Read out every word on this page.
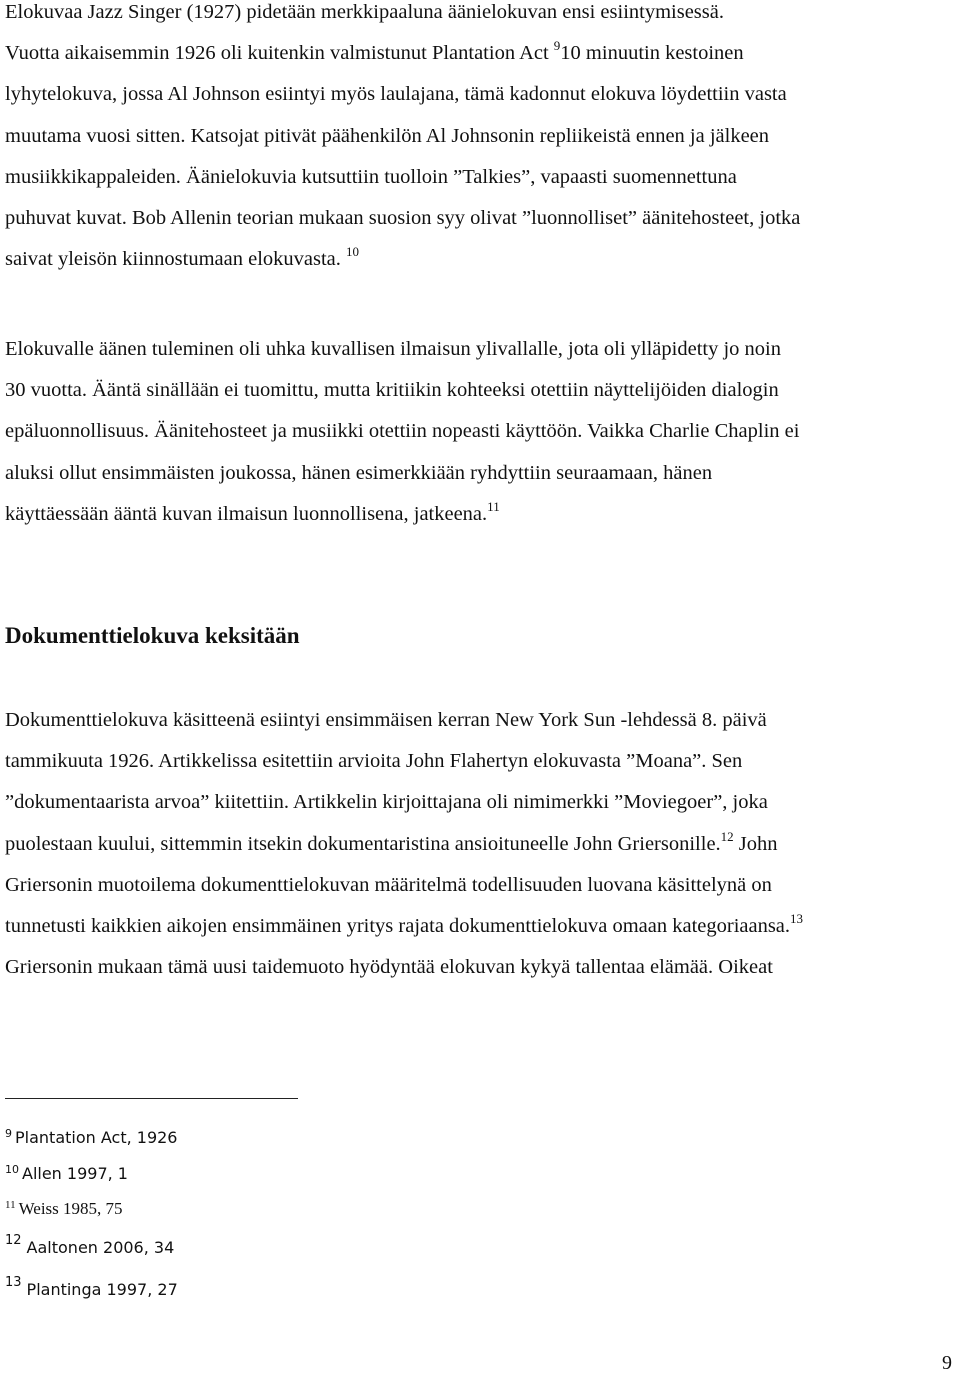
Elokuvaa Jazz Singer (1927) pidetään merkkipaaluna äänielokuvan ensi esiintymisessä.
Vuotta aikaisemmin 1926 oli kuitenkin valmistunut Plantation Act $^9$10 minuutin kestoinen
lyhytelokuva, jossa Al Johnson esiintyi myös laulajana, tämä kadonnut elokuva löydettiin vasta
muutama vuosi sitten. Katsojat pitivät päähenkilön Al Johnsonin repliikeistä ennen ja jälkeen
musiikkikappaleiden. Äänielokuvia kutsuttiin tuolloin ”Talkies”, vapaasti suomennettuna
puhuvat kuvat. Bob Allenin teorian mukaan suosion syy olivat ”luonnolliset” äänitehosteet, jotka
saivat yleisön kiinnostumaan elokuvasta. $^{10}$
Elokuvalle äänen tuleminen oli uhka kuvallisen ilmaisun ylivallalle, jota oli ylläpidetty jo noin
30 vuotta. Ääntä sinällään ei tuomittu, mutta kritiikin kohteeksi otettiin näyttelijöiden dialogin
epäluonnollisuus. Äänitehosteet ja musiikki otettiin nopeasti käyttöön. Vaikka Charlie Chaplin ei
aluksi ollut ensimmäisten joukossa, hänen esimerkkiään ryhdyttiin seuraamaan, hänen
käyttäessään ääntä kuvan ilmaisun luonnollisena, jatkeena.$^{11}$
Dokumenttielokuva keksitään
Dokumenttielokuva käsitteenä esiintyi ensimmäisen kerran New York Sun -lehdessä 8. päivä
tammikuuta 1926. Artikkelissa esitettiin arvioita John Flahertyn elokuvasta ”Moana”. Sen
”dokumentaarista arvoa” kiitettiin. Artikkelin kirjoittajana oli nimimerkki ”Moviegoer”, joka
puolestaan kuului, sittemmin itsekin dokumentaristina ansioituneelle John Griersonille.$^{12}$ John
Griersonin muotoilema dokumenttielokuvan määritelmä todellisuuden luovana käsittelynä on
tunnetusti kaikkien aikojen ensimmäinen yritys rajata dokumenttielokuva omaan kategoriaansa.$^{13}$
Griersonin mukaan tämä uusi taidemuoto hyödyntää elokuvan kykyä tallentaa elämää. Oikeat

$^9$ Plantation Act, 1926

$^{10}$ Allen 1997, 1

$^{11}$ Weiss 1985, 75

$^{12}$ Aaltonen 2006, 34

$^{13}$ Plantinga 1997, 27

9
